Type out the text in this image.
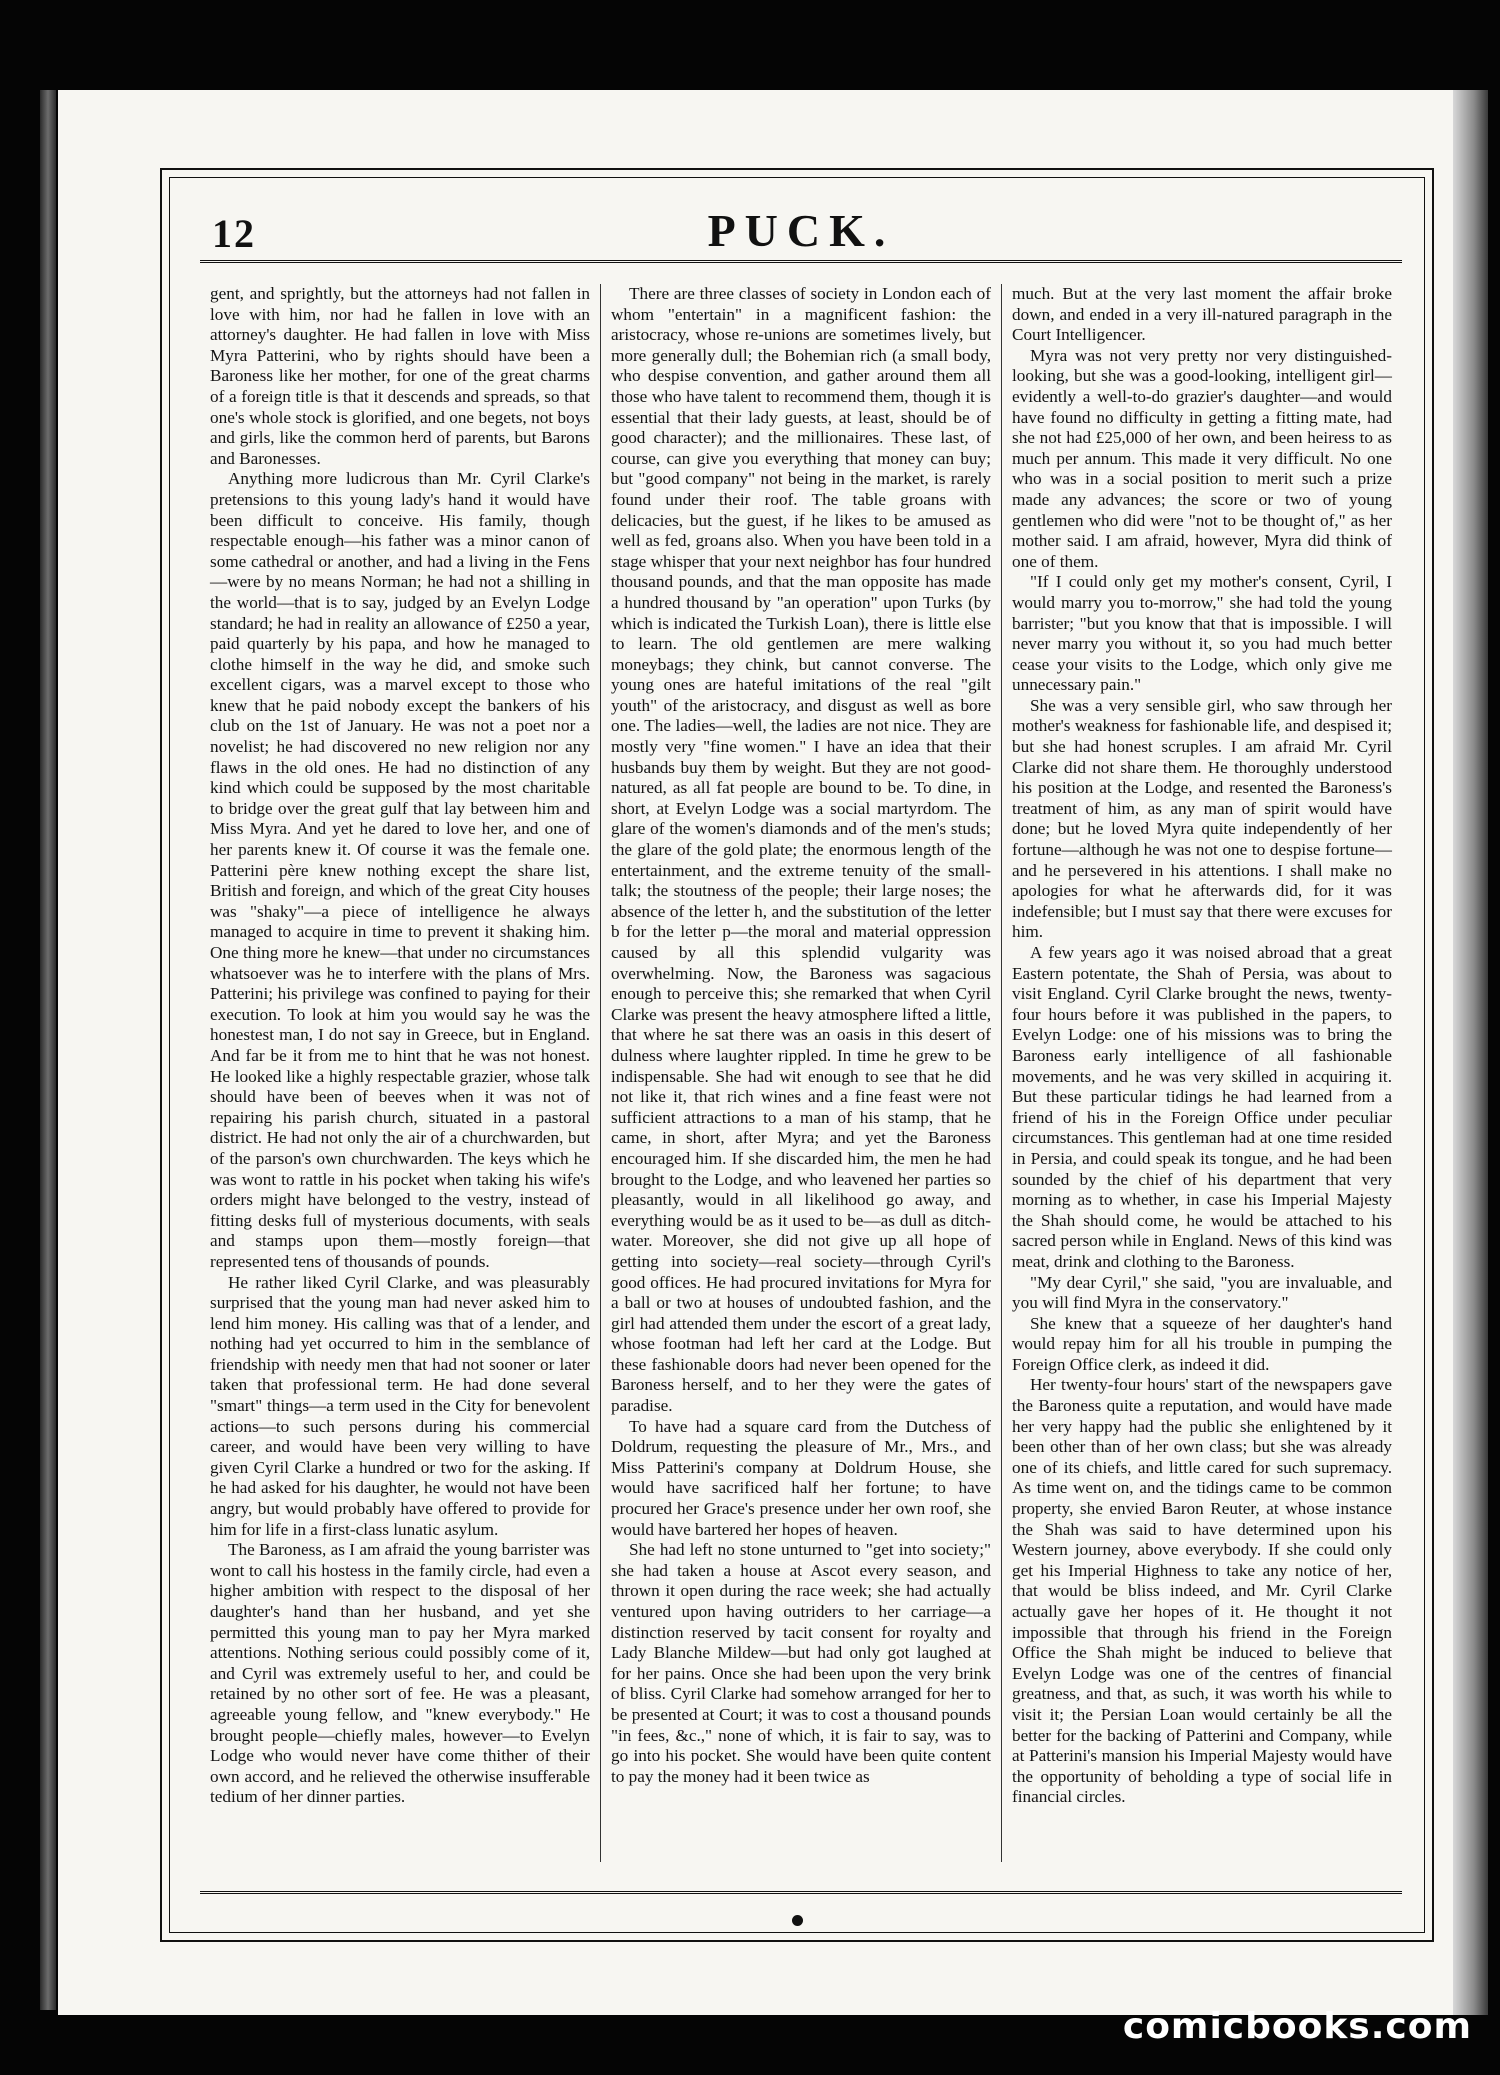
12	PUCK.

gent, and sprightly, but the attorneys had not fallen in love with him, nor had he fallen in love with an attorney's daughter. He had fallen in love with Miss Myra Patterini, who by rights should have been a Baroness like her mother, for one of the great charms of a foreign title is that it descends and spreads, so that one's whole stock is glorified, and one begets, not boys and girls, like the common herd of parents, but Barons and Baronesses.

Anything more ludicrous than Mr. Cyril Clarke's pretensions to this young lady's hand it would have been difficult to conceive. His family, though respectable enough—his father was a minor canon of some cathedral or another, and had a living in the Fens—were by no means Norman; he had not a shilling in the world—that is to say, judged by an Evelyn Lodge standard; he had in reality an allowance of £250 a year, paid quarterly by his papa, and how he managed to clothe himself in the way he did, and smoke such excellent cigars, was a marvel except to those who knew that he paid nobody except the bankers of his club on the 1st of January. He was not a poet nor a novelist; he had discovered no new religion nor any flaws in the old ones. He had no distinction of any kind which could be supposed by the most charitable to bridge over the great gulf that lay between him and Miss Myra. And yet he dared to love her, and one of her parents knew it. Of course it was the female one. Patterini père knew nothing except the share list, British and foreign, and which of the great City houses was "shaky"—a piece of intelligence he always managed to acquire in time to prevent it shaking him. One thing more he knew—that under no circumstances whatsoever was he to interfere with the plans of Mrs. Patterini; his privilege was confined to paying for their execution. To look at him you would say he was the honestest man, I do not say in Greece, but in England. And far be it from me to hint that he was not honest. He looked like a highly respectable grazier, whose talk should have been of beeves when it was not of repairing his parish church, situated in a pastoral district. He had not only the air of a churchwarden, but of the parson's own churchwarden. The keys which he was wont to rattle in his pocket when taking his wife's orders might have belonged to the vestry, instead of fitting desks full of mysterious documents, with seals and stamps upon them—mostly foreign—that represented tens of thousands of pounds.

He rather liked Cyril Clarke, and was pleasurably surprised that the young man had never asked him to lend him money. His calling was that of a lender, and nothing had yet occurred to him in the semblance of friendship with needy men that had not sooner or later taken that professional term. He had done several "smart" things—a term used in the City for benevolent actions—to such persons during his commercial career, and would have been very willing to have given Cyril Clarke a hundred or two for the asking. If he had asked for his daughter, he would not have been angry, but would probably have offered to provide for him for life in a first-class lunatic asylum.

The Baroness, as I am afraid the young barrister was wont to call his hostess in the family circle, had even a higher ambition with respect to the disposal of her daughter's hand than her husband, and yet she permitted this young man to pay her Myra marked attentions. Nothing serious could possibly come of it, and Cyril was extremely useful to her, and could be retained by no other sort of fee. He was a pleasant, agreeable young fellow, and "knew everybody." He brought people—chiefly males, however—to Evelyn Lodge who would never have come thither of their own accord, and he relieved the otherwise insufferable tedium of her dinner parties.

There are three classes of society in London each of whom "entertain" in a magnificent fashion: the aristocracy, whose re-unions are sometimes lively, but more generally dull; the Bohemian rich (a small body, who despise convention, and gather around them all those who have talent to recommend them, though it is essential that their lady guests, at least, should be of good character); and the millionaires. These last, of course, can give you everything that money can buy; but "good company" not being in the market, is rarely found under their roof. The table groans with delicacies, but the guest, if he likes to be amused as well as fed, groans also. When you have been told in a stage whisper that your next neighbor has four hundred thousand pounds, and that the man opposite has made a hundred thousand by "an operation" upon Turks (by which is indicated the Turkish Loan), there is little else to learn. The old gentlemen are mere walking moneybags; they chink, but cannot converse. The young ones are hateful imitations of the real "gilt youth" of the aristocracy, and disgust as well as bore one. The ladies—well, the ladies are not nice. They are mostly very "fine women." I have an idea that their husbands buy them by weight. But they are not good-natured, as all fat people are bound to be. To dine, in short, at Evelyn Lodge was a social martyrdom. The glare of the women's diamonds and of the men's studs; the glare of the gold plate; the enormous length of the entertainment, and the extreme tenuity of the small-talk; the stoutness of the people; their large noses; the absence of the letter h, and the substitution of the letter b for the letter p—the moral and material oppression caused by all this splendid vulgarity was overwhelming. Now, the Baroness was sagacious enough to perceive this; she remarked that when Cyril Clarke was present the heavy atmosphere lifted a little, that where he sat there was an oasis in this desert of dulness where laughter rippled. In time he grew to be indispensable. She had wit enough to see that he did not like it, that rich wines and a fine feast were not sufficient attractions to a man of his stamp, that he came, in short, after Myra; and yet the Baroness encouraged him. If she discarded him, the men he had brought to the Lodge, and who leavened her parties so pleasantly, would in all likelihood go away, and everything would be as it used to be—as dull as ditch-water. Moreover, she did not give up all hope of getting into society—real society—through Cyril's good offices. He had procured invitations for Myra for a ball or two at houses of undoubted fashion, and the girl had attended them under the escort of a great lady, whose footman had left her card at the Lodge. But these fashionable doors had never been opened for the Baroness herself, and to her they were the gates of paradise.

To have had a square card from the Dutchess of Doldrum, requesting the pleasure of Mr., Mrs., and Miss Patterini's company at Doldrum House, she would have sacrificed half her fortune; to have procured her Grace's presence under her own roof, she would have bartered her hopes of heaven.

She had left no stone unturned to "get into society;" she had taken a house at Ascot every season, and thrown it open during the race week; she had actually ventured upon having outriders to her carriage—a distinction reserved by tacit consent for royalty and Lady Blanche Mildew—but had only got laughed at for her pains. Once she had been upon the very brink of bliss. Cyril Clarke had somehow arranged for her to be presented at Court; it was to cost a thousand pounds "in fees, &c.," none of which, it is fair to say, was to go into his pocket. She would have been quite content to pay the money had it been twice as

much. But at the very last moment the affair broke down, and ended in a very ill-natured paragraph in the Court Intelligencer.

Myra was not very pretty nor very distinguished-looking, but she was a good-looking, intelligent girl—evidently a well-to-do grazier's daughter—and would have found no difficulty in getting a fitting mate, had she not had £25,000 of her own, and been heiress to as much per annum. This made it very difficult. No one who was in a social position to merit such a prize made any advances; the score or two of young gentlemen who did were "not to be thought of," as her mother said. I am afraid, however, Myra did think of one of them.

"If I could only get my mother's consent, Cyril, I would marry you to-morrow," she had told the young barrister; "but you know that that is impossible. I will never marry you without it, so you had much better cease your visits to the Lodge, which only give me unnecessary pain."

She was a very sensible girl, who saw through her mother's weakness for fashionable life, and despised it; but she had honest scruples. I am afraid Mr. Cyril Clarke did not share them. He thoroughly understood his position at the Lodge, and resented the Baroness's treatment of him, as any man of spirit would have done; but he loved Myra quite independently of her fortune—although he was not one to despise fortune—and he persevered in his attentions. I shall make no apologies for what he afterwards did, for it was indefensible; but I must say that there were excuses for him.

A few years ago it was noised abroad that a great Eastern potentate, the Shah of Persia, was about to visit England. Cyril Clarke brought the news, twenty-four hours before it was published in the papers, to Evelyn Lodge: one of his missions was to bring the Baroness early intelligence of all fashionable movements, and he was very skilled in acquiring it. But these particular tidings he had learned from a friend of his in the Foreign Office under peculiar circumstances. This gentleman had at one time resided in Persia, and could speak its tongue, and he had been sounded by the chief of his department that very morning as to whether, in case his Imperial Majesty the Shah should come, he would be attached to his sacred person while in England. News of this kind was meat, drink and clothing to the Baroness.

"My dear Cyril," she said, "you are invaluable, and you will find Myra in the conservatory."

She knew that a squeeze of her daughter's hand would repay him for all his trouble in pumping the Foreign Office clerk, as indeed it did.

Her twenty-four hours' start of the newspapers gave the Baroness quite a reputation, and would have made her very happy had the public she enlightened by it been other than of her own class; but she was already one of its chiefs, and little cared for such supremacy. As time went on, and the tidings came to be common property, she envied Baron Reuter, at whose instance the Shah was said to have determined upon his Western journey, above everybody. If she could only get his Imperial Highness to take any notice of her, that would be bliss indeed, and Mr. Cyril Clarke actually gave her hopes of it. He thought it not impossible that through his friend in the Foreign Office the Shah might be induced to believe that Evelyn Lodge was one of the centres of financial greatness, and that, as such, it was worth his while to visit it; the Persian Loan would certainly be all the better for the backing of Patterini and Company, while at Patterini's mansion his Imperial Majesty would have the opportunity of beholding a type of social life in financial circles.

comicbooks.com
